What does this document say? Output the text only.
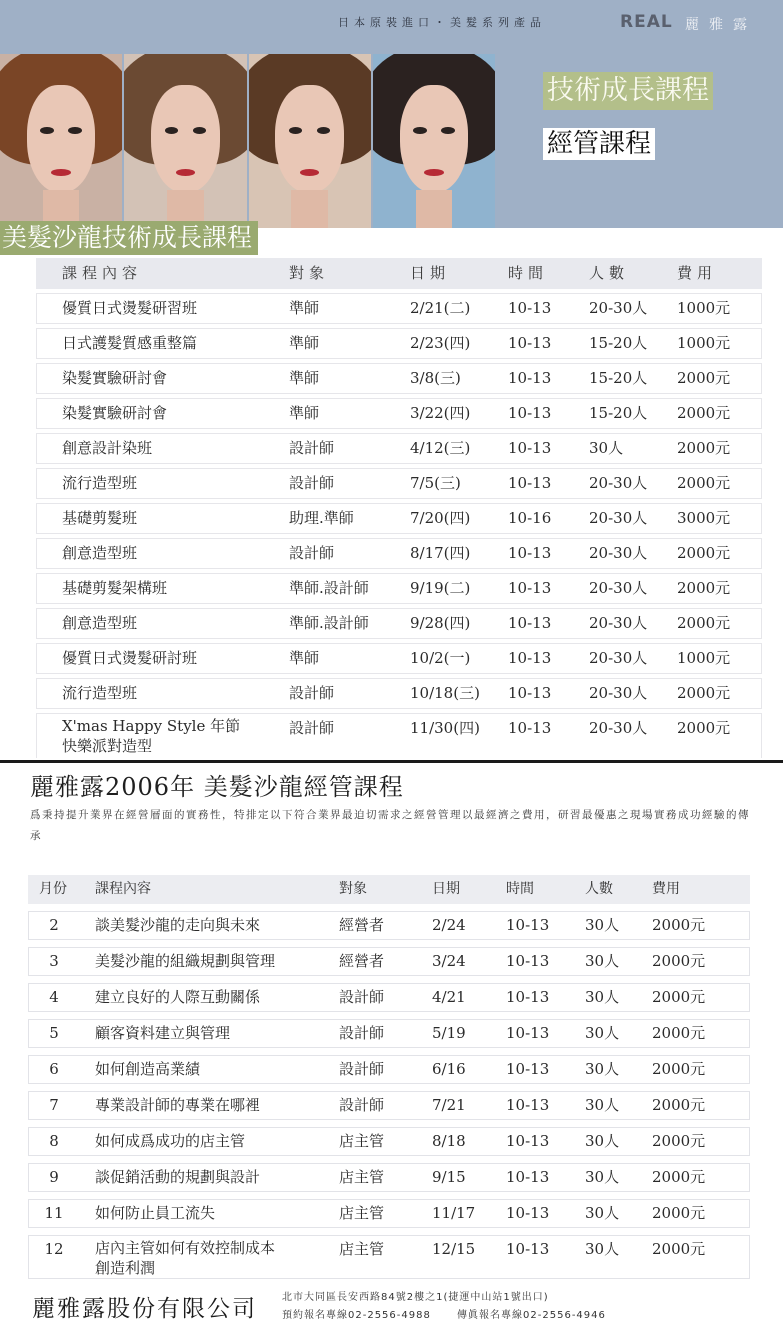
日本原裝進口・美髮系列產品	REAL 麗雅露
技術成長課程
經管課程
美髮沙龍技術成長課程
課程內容	對象	日期	時間	人數	費用
優質日式燙髮研習班	準師	2/21(二)	10-13	20-30人 1000元
日式護髮質感重整篇	準師	2/23(四)	10-13	15-20人 1000元
染髮實驗研討會	準師	3/8(三)	10-13	15-20人 2000元
染髮實驗研討會	準師	3/22(四)	10-13	15-20人 2000元
創意設計染班	設計師	4/12(三)	10-13	30人	2000元
流行造型班	設計師	7/5(三)	10-13	20-30人 2000元
基礎剪髮班	助理.準師	7/20(四)	10-16	20-30人 3000元
創意造型班	設計師	8/17(四)	10-13	20-30人 2000元
基礎剪髮架構班	準師.設計師	9/19(二)	10-13	20-30人 2000元
創意造型班	準師.設計師	9/28(四)	10-13	20-30人 2000元
優質日式燙髮研討班	準師	10/2(一)	10-13	20-30人 1000元
流行造型班	設計師	10/18(三) 10-13	20-30人 2000元
X'mas Happy Style 年節
快樂派對造型
設計師	11/30(四) 10-13	20-30人 2000元
麗雅露2006年 美髮沙龍經管課程
爲秉持提升業界在經營層面的實務性，特排定以下符合業界最迫切需求之經營管理以最經濟之費用，研習最優惠之現場實務成功經驗的傳承
月份 課程內容	對象	日期	時間	人數	費用
2	談美髮沙龍的走向與未來	經營者	2/24	10-13 30人 2000元
3	美髮沙龍的組織規劃與管理	經營者	3/24	10-13 30人 2000元
4	建立良好的人際互動關係	設計師	4/21	10-13 30人 2000元
5	顧客資料建立與管理	設計師	5/19	10-13 30人 2000元
6	如何創造高業績	設計師	6/16	10-13 30人 2000元
7	專業設計師的專業在哪裡	設計師	7/21	10-13 30人 2000元
8	如何成爲成功的店主管	店主管	8/18	10-13 30人 2000元
9	談促銷活動的規劃與設計	店主管	9/15	10-13 30人 2000元
11	如何防止員工流失	店主管	11/17 10-13 30人 2000元
12	店內主管如何有效控制成本
創造利潤
店主管	12/15 10-13 30人 2000元
麗雅露股份有限公司	北市大同區長安西路84號2樓之1(捷運中山站1號出口)
預約報名專線02-2556-4988	傳眞報名專線02-2556-4946
